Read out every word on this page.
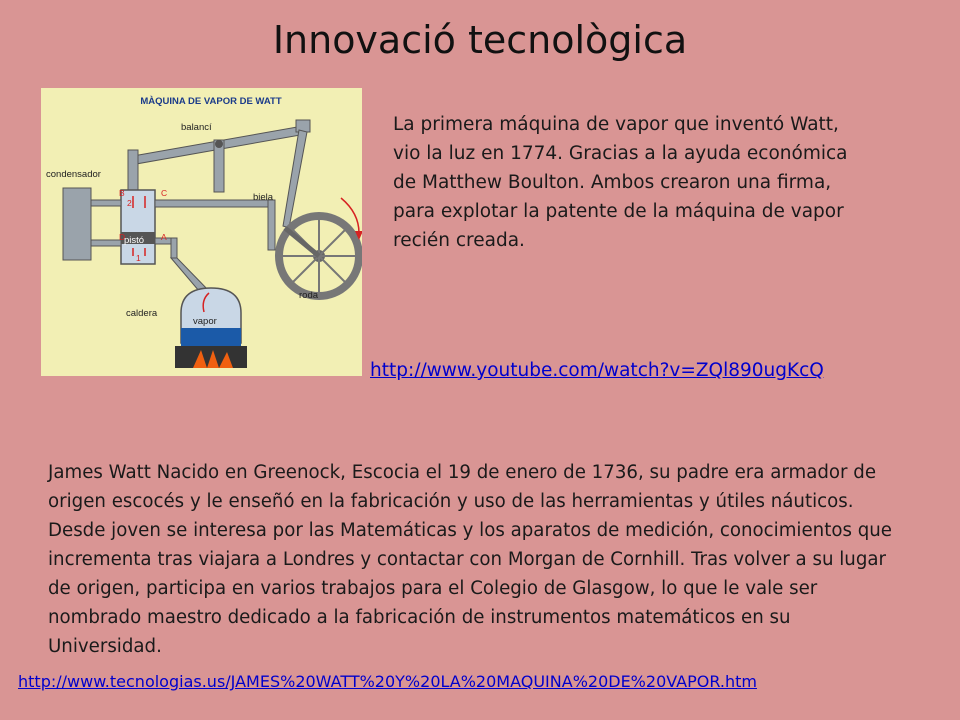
Innovació tecnològica
MÀQUINA DE VAPOR DE WATT
balancí
condensador
biela
pistó
roda
caldera
vapor
B	C
D	A
1
2
La primera máquina de vapor que inventó Watt, vio la luz en 1774. Gracias a la ayuda económica de Matthew Boulton. Ambos crearon una firma, para explotar la patente de la máquina de vapor recién creada.
http://www.youtube.com/watch?v=ZQl890ugKcQ
James Watt Nacido en Greenock, Escocia el 19 de enero de 1736, su padre era armador de origen escocés y le enseñó en la fabricación y uso de las herramientas y útiles náuticos. Desde joven se interesa por las Matemáticas y los aparatos de medición, conocimientos que incrementa tras viajara a Londres y contactar con Morgan de Cornhill. Tras volver a su lugar de origen, participa en varios trabajos para el Colegio de Glasgow, lo que le vale ser nombrado maestro dedicado a la fabricación de instrumentos matemáticos en su Universidad.
http://www.tecnologias.us/JAMES%20WATT%20Y%20LA%20MAQUINA%20DE%20VAPOR.htm
